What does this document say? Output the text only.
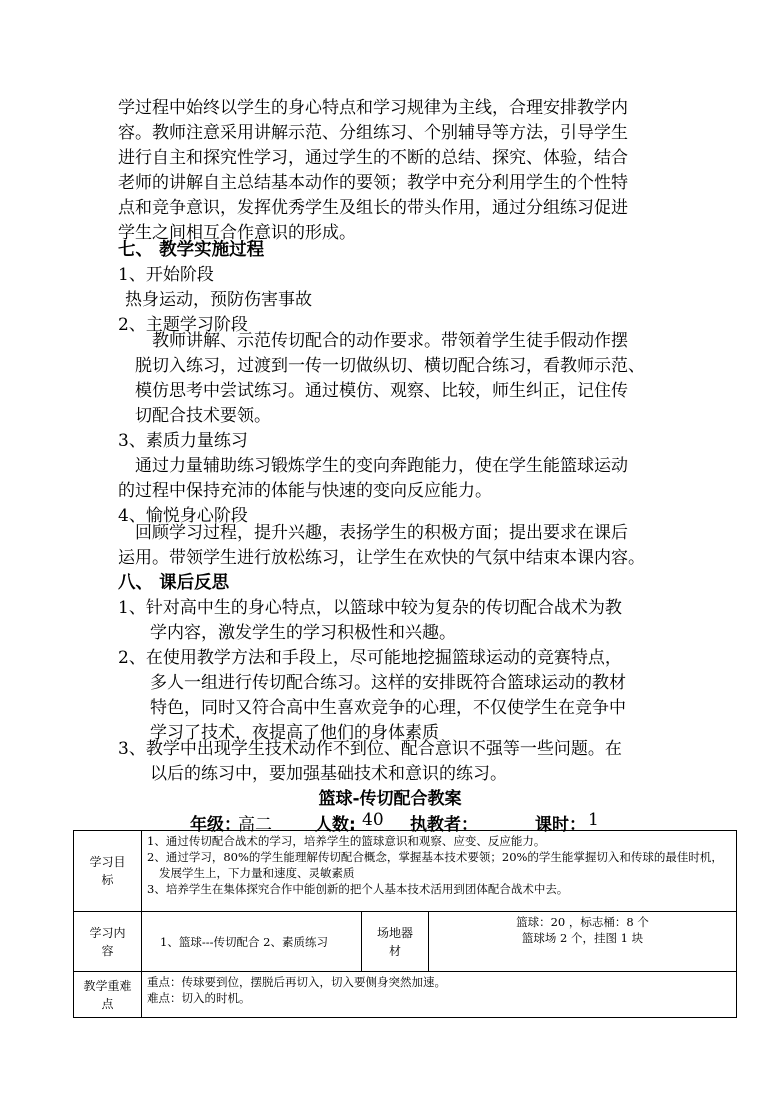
学过程中始终以学生的身心特点和学习规律为主线，合理安排教学内
容。教师注意采用讲解示范、分组练习、个别辅导等方法，引导学生
进行自主和探究性学习，通过学生的不断的总结、探究、体验，结合
老师的讲解自主总结基本动作的要领；教学中充分利用学生的个性特
点和竞争意识，发挥优秀学生及组长的带头作用，通过分组练习促进
学生之间相互合作意识的形成。
七、 教学实施过程
1、开始阶段
热身运动，预防伤害事故
2、主题学习阶段
教师讲解、示范传切配合的动作要求。带领着学生徒手假动作摆
脱切入练习，过渡到一传一切做纵切、横切配合练习，看教师示范、
模仿思考中尝试练习。通过模仿、观察、比较，师生纠正，记住传
切配合技术要领。
3、素质力量练习
通过力量辅助练习锻炼学生的变向奔跑能力，使在学生能篮球运动
的过程中保持充沛的体能与快速的变向反应能力。
4、愉悦身心阶段
回顾学习过程，提升兴趣，表扬学生的积极方面；提出要求在课后
运用。带领学生进行放松练习，让学生在欢快的气氛中结束本课内容。
八、 课后反思
1、针对高中生的身心特点，以篮球中较为复杂的传切配合战术为教
学内容，激发学生的学习积极性和兴趣。
2、在使用教学方法和手段上，尽可能地挖掘篮球运动的竞赛特点，
多人一组进行传切配合练习。这样的安排既符合篮球运动的教材
特色，同时又符合高中生喜欢竞争的心理，不仅使学生在竞争中
学习了技术，夜提高了他们的身体素质
3、教学中出现学生技术动作不到位、配合意识不强等一些问题。在
以后的练习中，要加强基础技术和意识的练习。
篮球-传切配合教案
年级：
高二	人数: 40 执教者：	课时： 1
学习目标	1、通过传切配合战术的学习，培养学生的篮球意识和观察、应变、反应能力。
2、通过学习，80%的学生能理解传切配合概念，掌握基本技术要领；20%的学生能掌握切入和传球的最佳时机，发展学生上，下力量和速度、灵敏素质
3、培养学生在集体探究合作中能创新的把个人基本技术活用到团体配合战术中去。		

学习内容	1、篮球---传切配合 2、素质练习	场地器材	篮球：20 ，标志桶：8 个
篮球场 2 个，挂图 1 块

教学重难点	重点：传球要到位，摆脱后再切入，切入要侧身突然加速。
难点：切入的时机。		
